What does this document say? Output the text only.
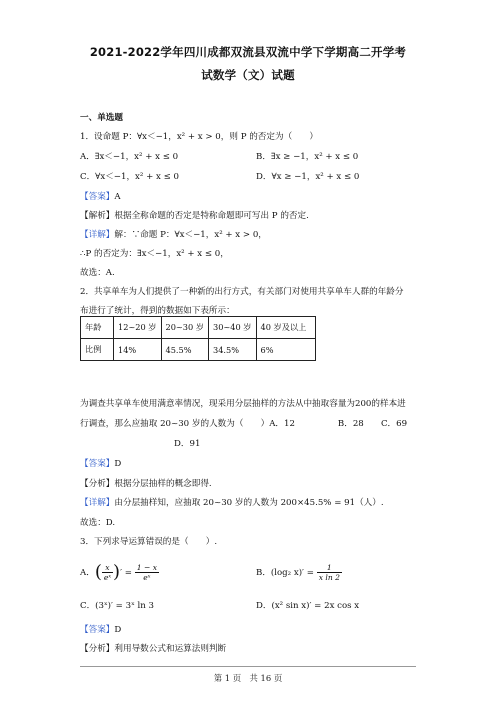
2021-2022学年四川成都双流县双流中学下学期高二开学考
试数学（文）试题
一、单选题
1．设命题 P：∀x＜−1，x² + x > 0，则 P 的否定为（　　）
A．∃x＜−1，x² + x ≤ 0	B．∃x ≥ −1，x² + x ≤ 0
C．∀x＜−1，x² + x ≤ 0	D．∀x ≥ −1，x² + x ≤ 0
【答案】A
【解析】根据全称命题的否定是特称命题即可写出 P 的否定.
【详解】解：∵命题 P：∀x＜−1，x² + x > 0，
∴P 的否定为：∃x＜−1，x² + x ≤ 0，
故选：A.
2．共享单车为人们提供了一种新的出行方式，有关部门对使用共享单车人群的年龄分
布进行了统计，得到的数据如下表所示：
年龄	12~20 岁	20~30 岁	30~40 岁	40 岁及以上
比例	14%	45.5%	34.5%	6%
为调查共享单车使用满意率情况，现采用分层抽样的方法从中抽取容量为200的样本进
行调查，那么应抽取 20~30 岁的人数为（　　）A．12　　　　　B．28　　C．69
D．91
【答案】D
【分析】根据分层抽样的概念即得.
【详解】由分层抽样知，应抽取 20~30 岁的人数为 200×45.5% = 91（人）.
故选：D.
3．下列求导运算错误的是（　　）.
A．( $\frac{x}{\text{eˣ}}$ )′ = $\frac{1 - x}{\text{eˣ}}$	B．(log₂ $x)' = \frac{1}{\text{x ln 2}}$
C．(3ˣ)′ = 3ˣ ln 3	D．(x² sin x)′ = 2x cos x
【答案】D
【分析】利用导数公式和运算法则判断
第 1 页　共 16 页
